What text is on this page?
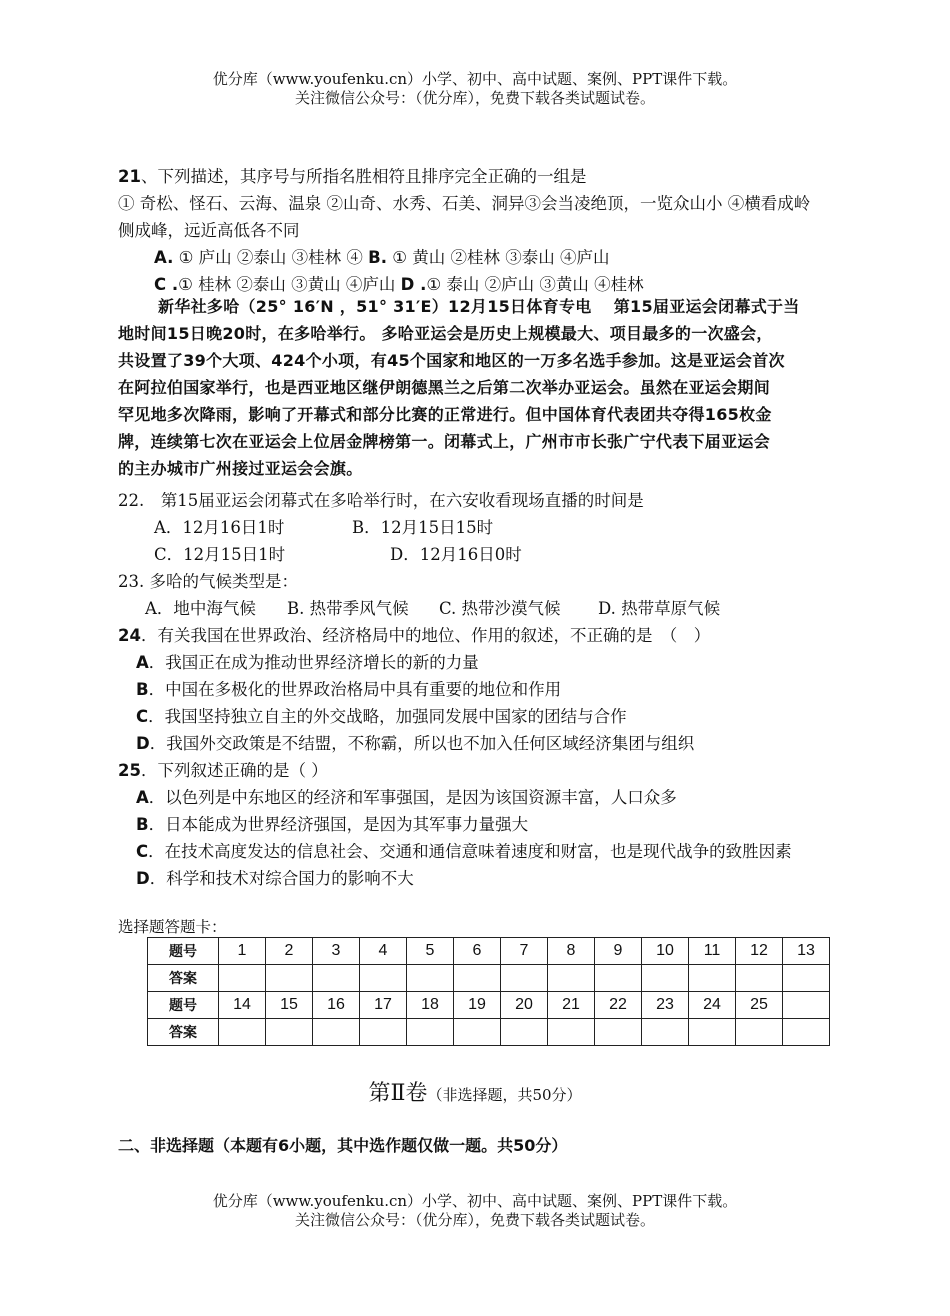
优分库（www.youfenku.cn）小学、初中、高中试题、案例、PPT课件下载。
关注微信公众号：（优分库），免费下载各类试题试卷。
21、下列描述，其序号与所指名胜相符且排序完全正确的一组是
① 奇松、怪石、云海、温泉 ②山奇、水秀、石美、洞异③会当凌绝顶，一览众山小 ④横看成岭
侧成峰，远近高低各不同
A. ① 庐山 ②泰山 ③桂林 ④ B. ① 黄山 ②桂林 ③泰山 ④庐山
C .① 桂林 ②泰山 ③黄山 ④庐山 D .① 泰山 ②庐山 ③黄山 ④桂林
新华社多哈（25° 16′N ，51° 31′E）12月15日体育专电　 第15届亚运会闭幕式于当
地时间15日晚20时，在多哈举行。 多哈亚运会是历史上规模最大、项目最多的一次盛会，
共设置了39个大项、424个小项，有45个国家和地区的一万多名选手参加。这是亚运会首次
在阿拉伯国家举行，也是西亚地区继伊朗德黑兰之后第二次举办亚运会。虽然在亚运会期间
罕见地多次降雨，影响了开幕式和部分比赛的正常进行。但中国体育代表团共夺得165枚金
牌，连续第七次在亚运会上位居金牌榜第一。闭幕式上，广州市市长张广宁代表下届亚运会
的主办城市广州接过亚运会会旗。
22.　第15届亚运会闭幕式在多哈举行时，在六安收看现场直播的时间是
A．12月16日1时	B．12月15日15时
C．12月15日1时	D．12月16日0时
23. 多哈的气候类型是：
A．地中海气候 B. 热带季风气候 C. 热带沙漠气候 D. 热带草原气候
24．有关我国在世界政治、经济格局中的地位、作用的叙述，不正确的是　（　）
A．我国正在成为推动世界经济增长的新的力量
B．中国在多极化的世界政治格局中具有重要的地位和作用
C．我国坚持独立自主的外交战略，加强同发展中国家的团结与合作
D．我国外交政策是不结盟，不称霸，所以也不加入任何区域经济集团与组织
25．下列叙述正确的是（ ）
A．以色列是中东地区的经济和军事强国，是因为该国资源丰富，人口众多
B．日本能成为世界经济强国，是因为其军事力量强大
C．在技术高度发达的信息社会、交通和通信意味着速度和财富，也是现代战争的致胜因素
D．科学和技术对综合国力的影响不大
选择题答题卡：
题号	1	2	3	4	5	6	7	8	9	10	11	12	13
答案													
题号	14	15	16	17	18	19	20	21	22	23	24	25	
答案													
第Ⅱ卷（非选择题，共50分）
二、非选择题（本题有6小题，其中选作题仅做一题。共50分）
优分库（www.youfenku.cn）小学、初中、高中试题、案例、PPT课件下载。
关注微信公众号：（优分库），免费下载各类试题试卷。
